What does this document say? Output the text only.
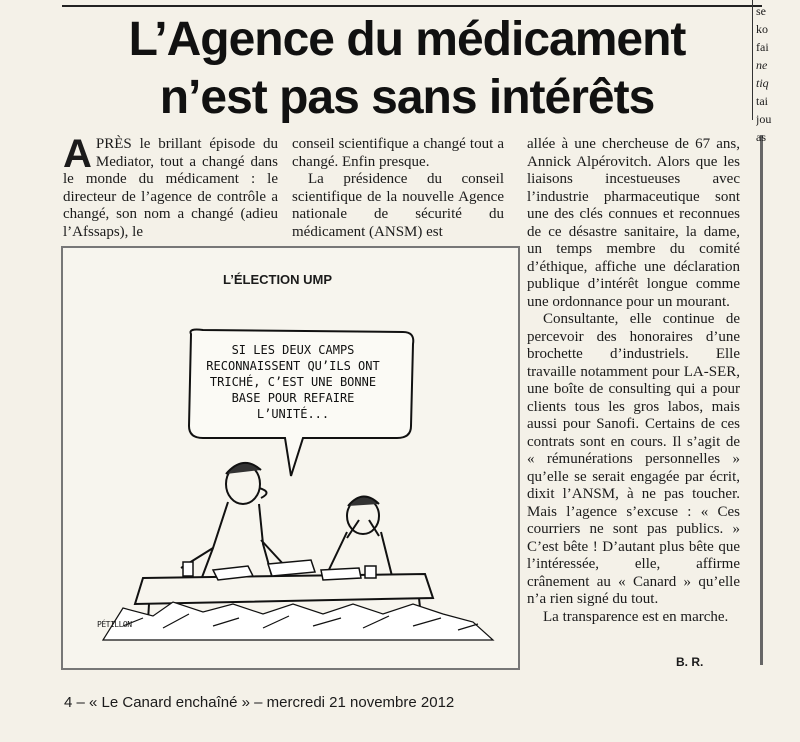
se
ko
fai
ne
tiq
tai
jou
as
L’Agence du médicament
n’est pas sans intérêts

APRÈS le brillant épisode du Mediator, tout a changé dans le monde du médicament : le directeur de l’agence de contrôle a changé, son nom a changé (adieu l’Afssaps), le

conseil scientifique a changé tout a changé. Enfin presque.

La présidence du conseil scientifique de la nouvelle Agence nationale de sécurité du médicament (ANSM) est

allée à une chercheuse de 67 ans, Annick Alpérovitch. Alors que les liaisons incestueuses avec l’industrie pharmaceutique sont une des clés connues et reconnues de ce désastre sanitaire, la dame, un temps membre du comité d’éthique, affiche une déclaration publique d’intérêt longue comme une ordonnance pour un mourant.

Consultante, elle continue de percevoir des honoraires d’une brochette d’industriels. Elle travaille notamment pour LA-SER, une boîte de consulting qui a pour clients tous les gros labos, mais aussi pour Sanofi. Certains de ces contrats sont en cours. Il s’agit de « rémunérations personnelles » qu’elle se serait engagée par écrit, dixit l’ANSM, à ne pas toucher. Mais l’agence s’excuse : « Ces courriers ne sont pas publics. » C’est bête ! D’autant plus bête que l’intéressée, elle, affirme crânement au « Canard » qu’elle n’a rien signé du tout.

La transparence est en marche.

L’ÉLECTION UMP
SI LES DEUX CAMPS RECONNAISSENT QU’ILS ONT TRICHÉ, C’EST UNE BONNE BASE POUR REFAIRE L’UNITÉ...
PÉTILLON
B. R.
4 – « Le Canard enchaîné » – mercredi 21 novembre 2012
